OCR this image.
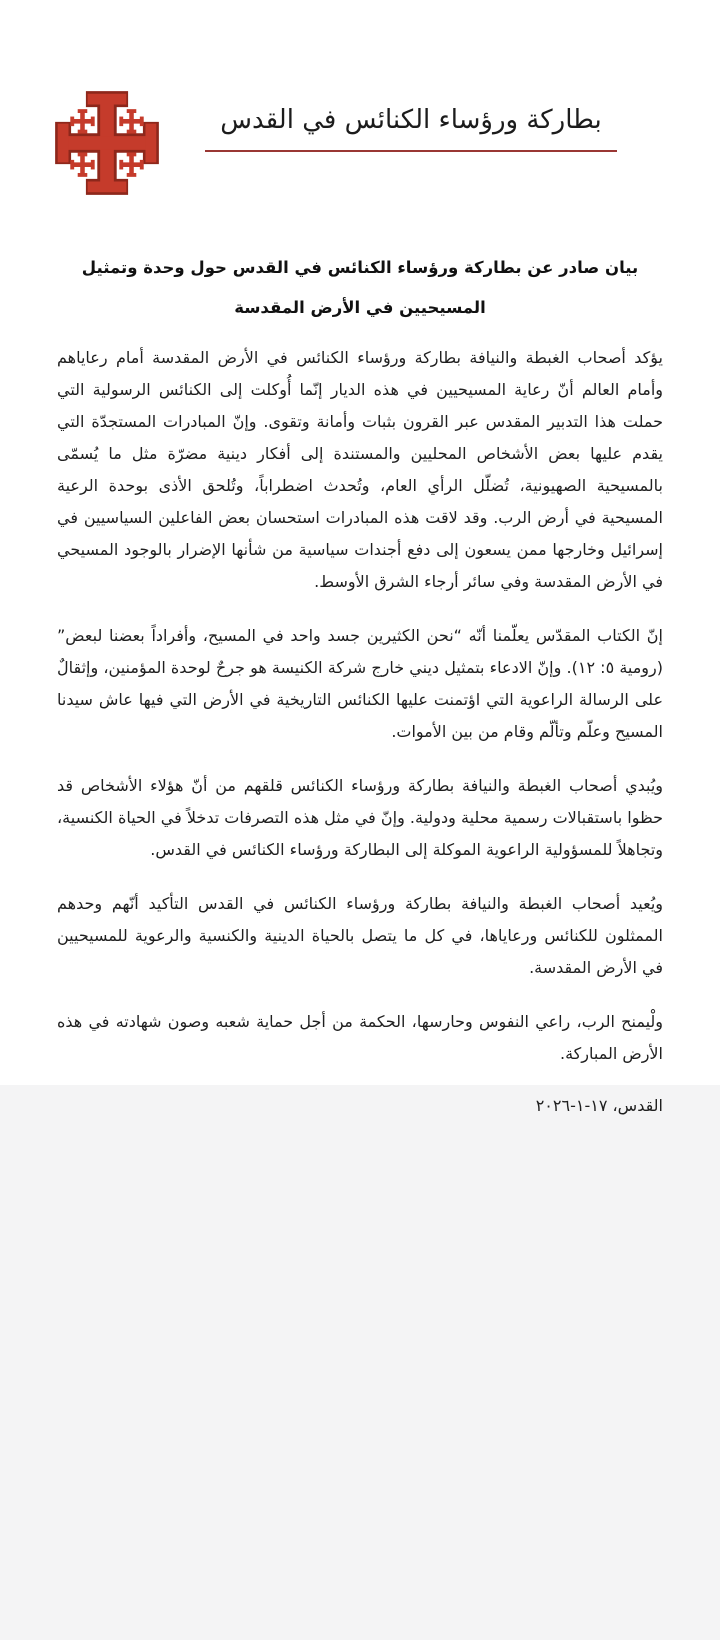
بطاركة ورؤساء الكنائس في القدس
بيان صادر عن بطاركة ورؤساء الكنائس في القدس حول وحدة وتمثيل المسيحيين في الأرض المقدسة

يؤكد أصحاب الغبطة والنيافة بطاركة ورؤساء الكنائس في الأرض المقدسة أمام رعاياهم وأمام العالم أنّ رعاية المسيحيين في هذه الديار إنّما أُوكلت إلى الكنائس الرسولية التي حملت هذا التدبير المقدس عبر القرون بثبات وأمانة وتقوى. وإنّ المبادرات المستجدّة التي يقدم عليها بعض الأشخاص المحليين والمستندة إلى أفكار دينية مضرّة مثل ما يُسمّى بالمسيحية الصهيونية، تُضلّل الرأي العام، وتُحدث اضطراباً، وتُلحق الأذى بوحدة الرعية المسيحية في أرض الرب. وقد لاقت هذه المبادرات استحسان بعض الفاعلين السياسيين في إسرائيل وخارجها ممن يسعون إلى دفع أجندات سياسية من شأنها الإضرار بالوجود المسيحي في الأرض المقدسة وفي سائر أرجاء الشرق الأوسط.

إنّ الكتاب المقدّس يعلّمنا أنّه “نحن الكثيرين جسد واحد في المسيح، وأفراداً بعضنا لبعض” (رومية ٥: ١٢). وإنّ الادعاء بتمثيل ديني خارج شركة الكنيسة هو جرحٌ لوحدة المؤمنين، وإثقالٌ على الرسالة الراعوية التي اؤتمنت عليها الكنائس التاريخية في الأرض التي فيها عاش سيدنا المسيح وعلّم وتألّم وقام من بين الأموات.

ويُبدي أصحاب الغبطة والنيافة بطاركة ورؤساء الكنائس قلقهم من أنّ هؤلاء الأشخاص قد حظوا باستقبالات رسمية محلية ودولية. وإنّ في مثل هذه التصرفات تدخلاً في الحياة الكنسية، وتجاهلاً للمسؤولية الراعوية الموكلة إلى البطاركة ورؤساء الكنائس في القدس.

ويُعيد أصحاب الغبطة والنيافة بطاركة ورؤساء الكنائس في القدس التأكيد أنّهم وحدهم الممثلون للكنائس ورعاياها، في كل ما يتصل بالحياة الدينية والكنسية والرعوية للمسيحيين في الأرض المقدسة.

ولْيمنح الرب، راعي النفوس وحارسها، الحكمة من أجل حماية شعبه وصون شهادته في هذه الأرض المباركة.

القدس، ١٧-١-٢٠٢٦
